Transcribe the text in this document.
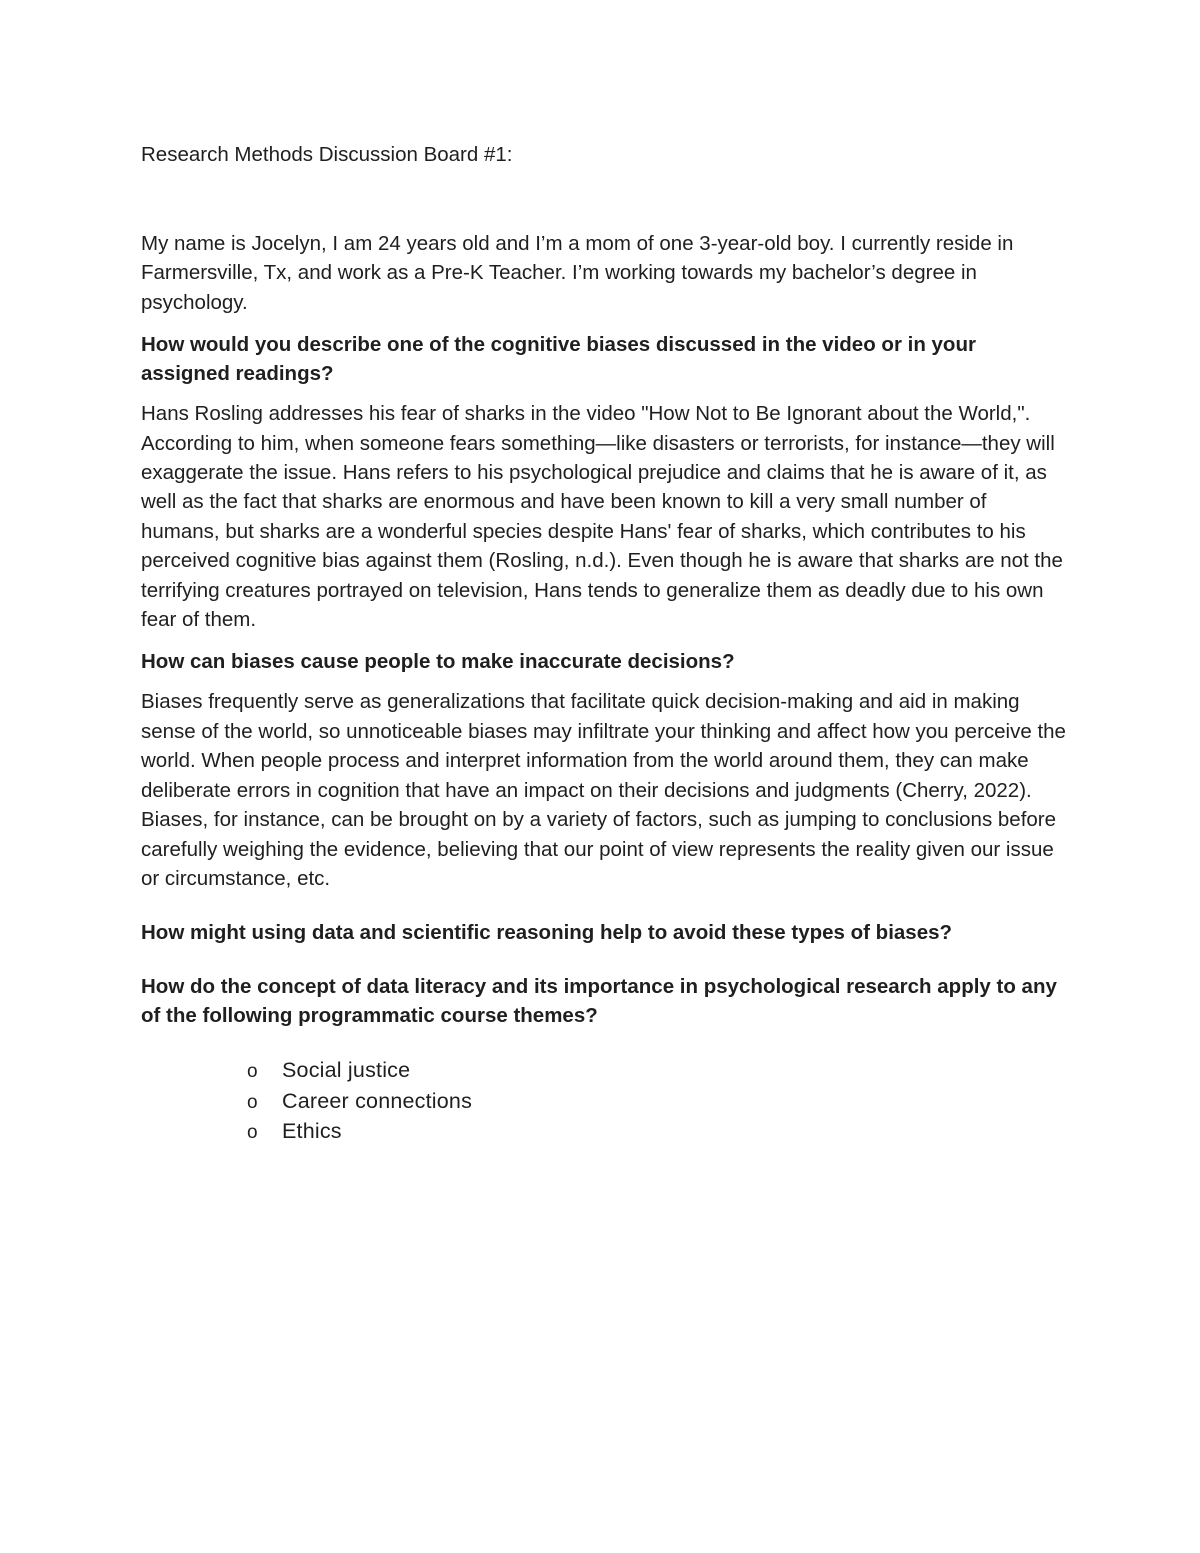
Research Methods Discussion Board #1:

My name is Jocelyn, I am 24 years old and I’m a mom of one 3-year-old boy. I currently reside in Farmersville, Tx, and work as a Pre-K Teacher. I’m working towards my bachelor’s degree in psychology.

How would you describe one of the cognitive biases discussed in the video or in your assigned readings?

Hans Rosling addresses his fear of sharks in the video "How Not to Be Ignorant about the World,". According to him, when someone fears something—like disasters or terrorists, for instance—they will exaggerate the issue. Hans refers to his psychological prejudice and claims that he is aware of it, as well as the fact that sharks are enormous and have been known to kill a very small number of humans, but sharks are a wonderful species despite Hans' fear of sharks, which contributes to his perceived cognitive bias against them (Rosling, n.d.). Even though he is aware that sharks are not the terrifying creatures portrayed on television, Hans tends to generalize them as deadly due to his own fear of them.

How can biases cause people to make inaccurate decisions?

Biases frequently serve as generalizations that facilitate quick decision-making and aid in making sense of the world, so unnoticeable biases may infiltrate your thinking and affect how you perceive the world. When people process and interpret information from the world around them, they can make deliberate errors in cognition that have an impact on their decisions and judgments (Cherry, 2022). Biases, for instance, can be brought on by a variety of factors, such as jumping to conclusions before carefully weighing the evidence, believing that our point of view represents the reality given our issue or circumstance, etc.

How might using data and scientific reasoning help to avoid these types of biases?
How do the concept of data literacy and its importance in psychological research apply to any of the following programmatic course themes?
o Social justice
o Career connections
o Ethics
